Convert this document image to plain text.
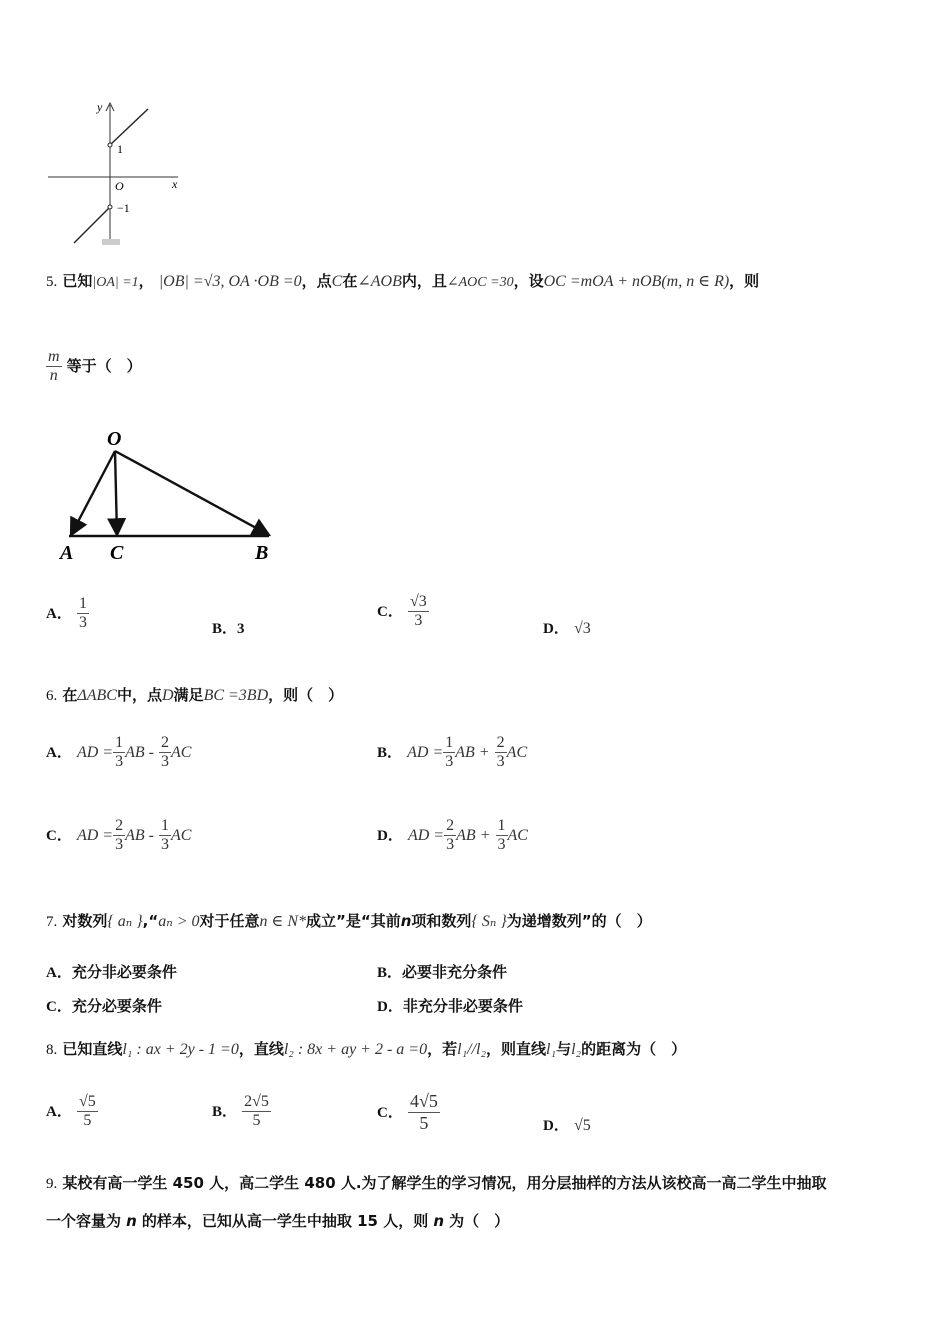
y
x
O
1
−1
5. 已知|OA| =1， |OB| =√3, OA ·OB =0，点C在∠AOB内，且∠AOC =30，设OC =mOA + nOB(m, n ∈ R)，则
$\frac{m}{n}$ 等于（　）
O
A C	B
A． $\frac{1}{3}$	B．3
C． $\frac{√3}{3}$	D． √3
6. 在ΔABC中，点D满足BC =3BD，则（　）
A． AD = $\frac{1}{3}$ AB - $\frac{2}{3}$ AC	B． AD = $\frac{1}{3}$ AB + $\frac{2}{3}$ AC
C． AD = $\frac{2}{3}$ AB - $\frac{1}{3}$ AC	D． AD = $\frac{2}{3}$ AB + $\frac{1}{3}$ AC
7. 对数列{ aₙ },“aₙ > 0对于任意n ∈ N*成立”是“其前n项和数列{ Sₙ }为递增数列”的（　）
A．充分非必要条件	B．必要非充分条件
C．充分必要条件	D．非充分非必要条件
8. 已知直线l₁ : ax + 2y - 1 =0，直线l₂ : 8x + ay + 2 - a =0，若l₁//l₂，则直线l₁与l₂的距离为（　）
A． $\frac{√5}{5}$	B． $\frac{2√5}{5}$	C． $\frac{4√5}{5}$	D． √5
9. 某校有高一学生 450 人，高二学生 480 人.为了解学生的学习情况，用分层抽样的方法从该校高一高二学生中抽取
一个容量为 n 的样本，已知从高一学生中抽取 15 人，则 n 为（　）
